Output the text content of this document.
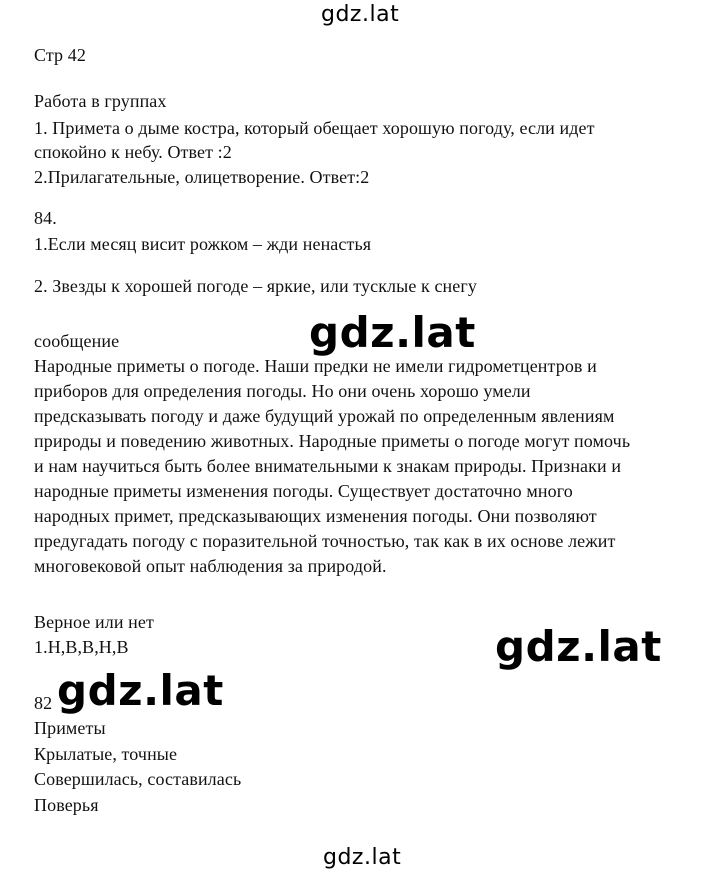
gdz.lat
gdz.lat
gdz.lat
gdz.lat
gdz.lat
Стр 42
Работа в группах
1. Примета о дыме костра, который обещает хорошую погоду, если идет
спокойно к небу. Ответ :2
2.Прилагательные, олицетворение. Ответ:2
84.
1.Если месяц висит рожком – жди ненастья
2. Звезды к хорошей погоде – яркие, или тусклые к снегу
сообщение
Народные приметы о погоде. Наши предки не имели гидрометцентров и
приборов для определения погоды. Но они очень хорошо умели
предсказывать погоду и даже будущий урожай по определенным явлениям
природы и поведению животных. Народные приметы о погоде могут помочь
и нам научиться быть более внимательными к знакам природы. Признаки и
народные приметы изменения погоды. Существует достаточно много
народных примет, предсказывающих изменения погоды. Они позволяют
предугадать погоду с поразительной точностью, так как в их основе лежит
многовековой опыт наблюдения за природой.
Верное или нет
1.Н,В,В,Н,В
82
Приметы
Крылатые, точные
Совершилась, составилась
Поверья
